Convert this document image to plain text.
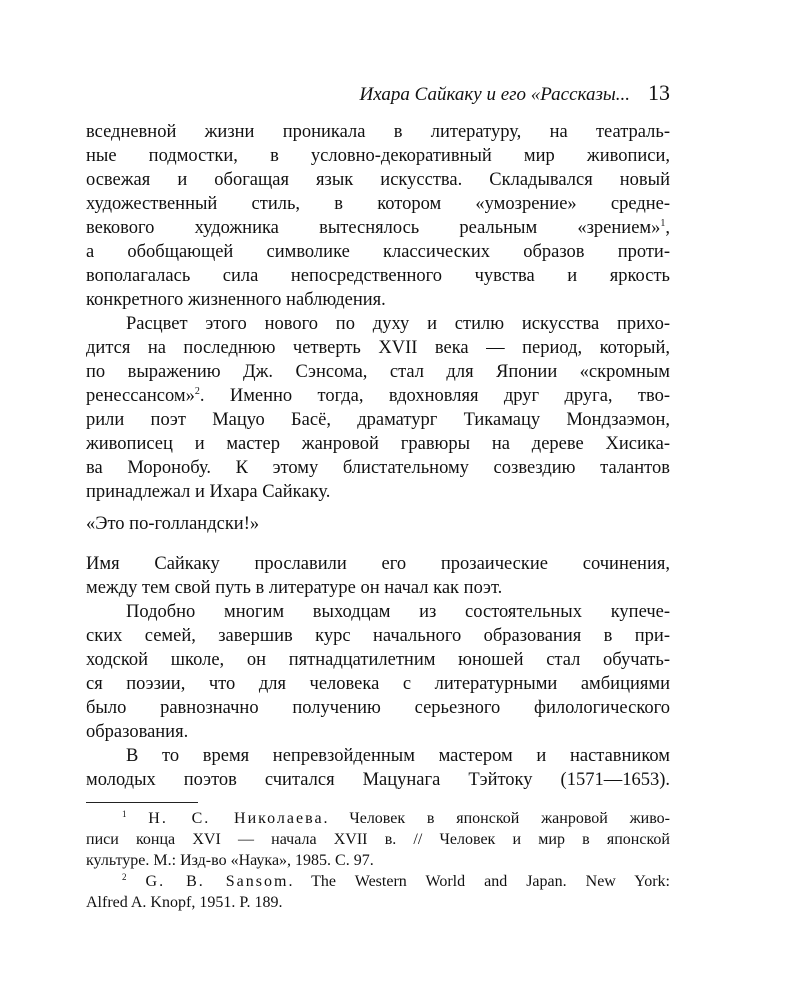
Ихара Сайкаку и его «Рассказы... 13
вседневной жизни проникала в литературу, на театраль-
ные подмостки, в условно-декоративный мир живописи,
освежая и обогащая язык искусства. Складывался новый
художественный стиль, в котором «умозрение» средне-
векового художника вытеснялось реальным «зрением»$^1$,
а обобщающей символике классических образов проти-
вополагалась сила непосредственного чувства и яркость
конкретного жизненного наблюдения.
Расцвет этого нового по духу и стилю искусства прихо-
дится на последнюю четверть XVII века — период, который,
по выражению Дж. Сэнсома, стал для Японии «скромным
ренессансом»$^2$. Именно тогда, вдохновляя друг друга, тво-
рили поэт Мацуо Басё, драматург Тикамацу Мондзаэмон,
живописец и мастер жанровой гравюры на дереве Хисика-
ва Моронобу. К этому блистательному созвездию талантов
принадлежал и Ихара Сайкаку.
«Это по-голландски!»
Имя Сайкаку прославили его прозаические сочинения,
между тем свой путь в литературе он начал как поэт.
Подобно многим выходцам из состоятельных купече-
ских семей, завершив курс начального образования в при-
ходской школе, он пятнадцатилетним юношей стал обучать-
ся поэзии, что для человека с литературными амбициями
было равнозначно получению серьезного филологического
образования.
В то время непревзойденным мастером и наставником
молодых поэтов считался Мацунага Тэйтоку (1571—1653).
$^1$ Н. С. Николаева. Человек в японской жанровой живо-
писи конца XVI — начала XVII в. // Человек и мир в японской
культуре. М.: Изд-во «Наука», 1985. С. 97.
$^2$ G. B. Sansom. The Western World and Japan. New York:
Alfred A. Knopf, 1951. P. 189.
